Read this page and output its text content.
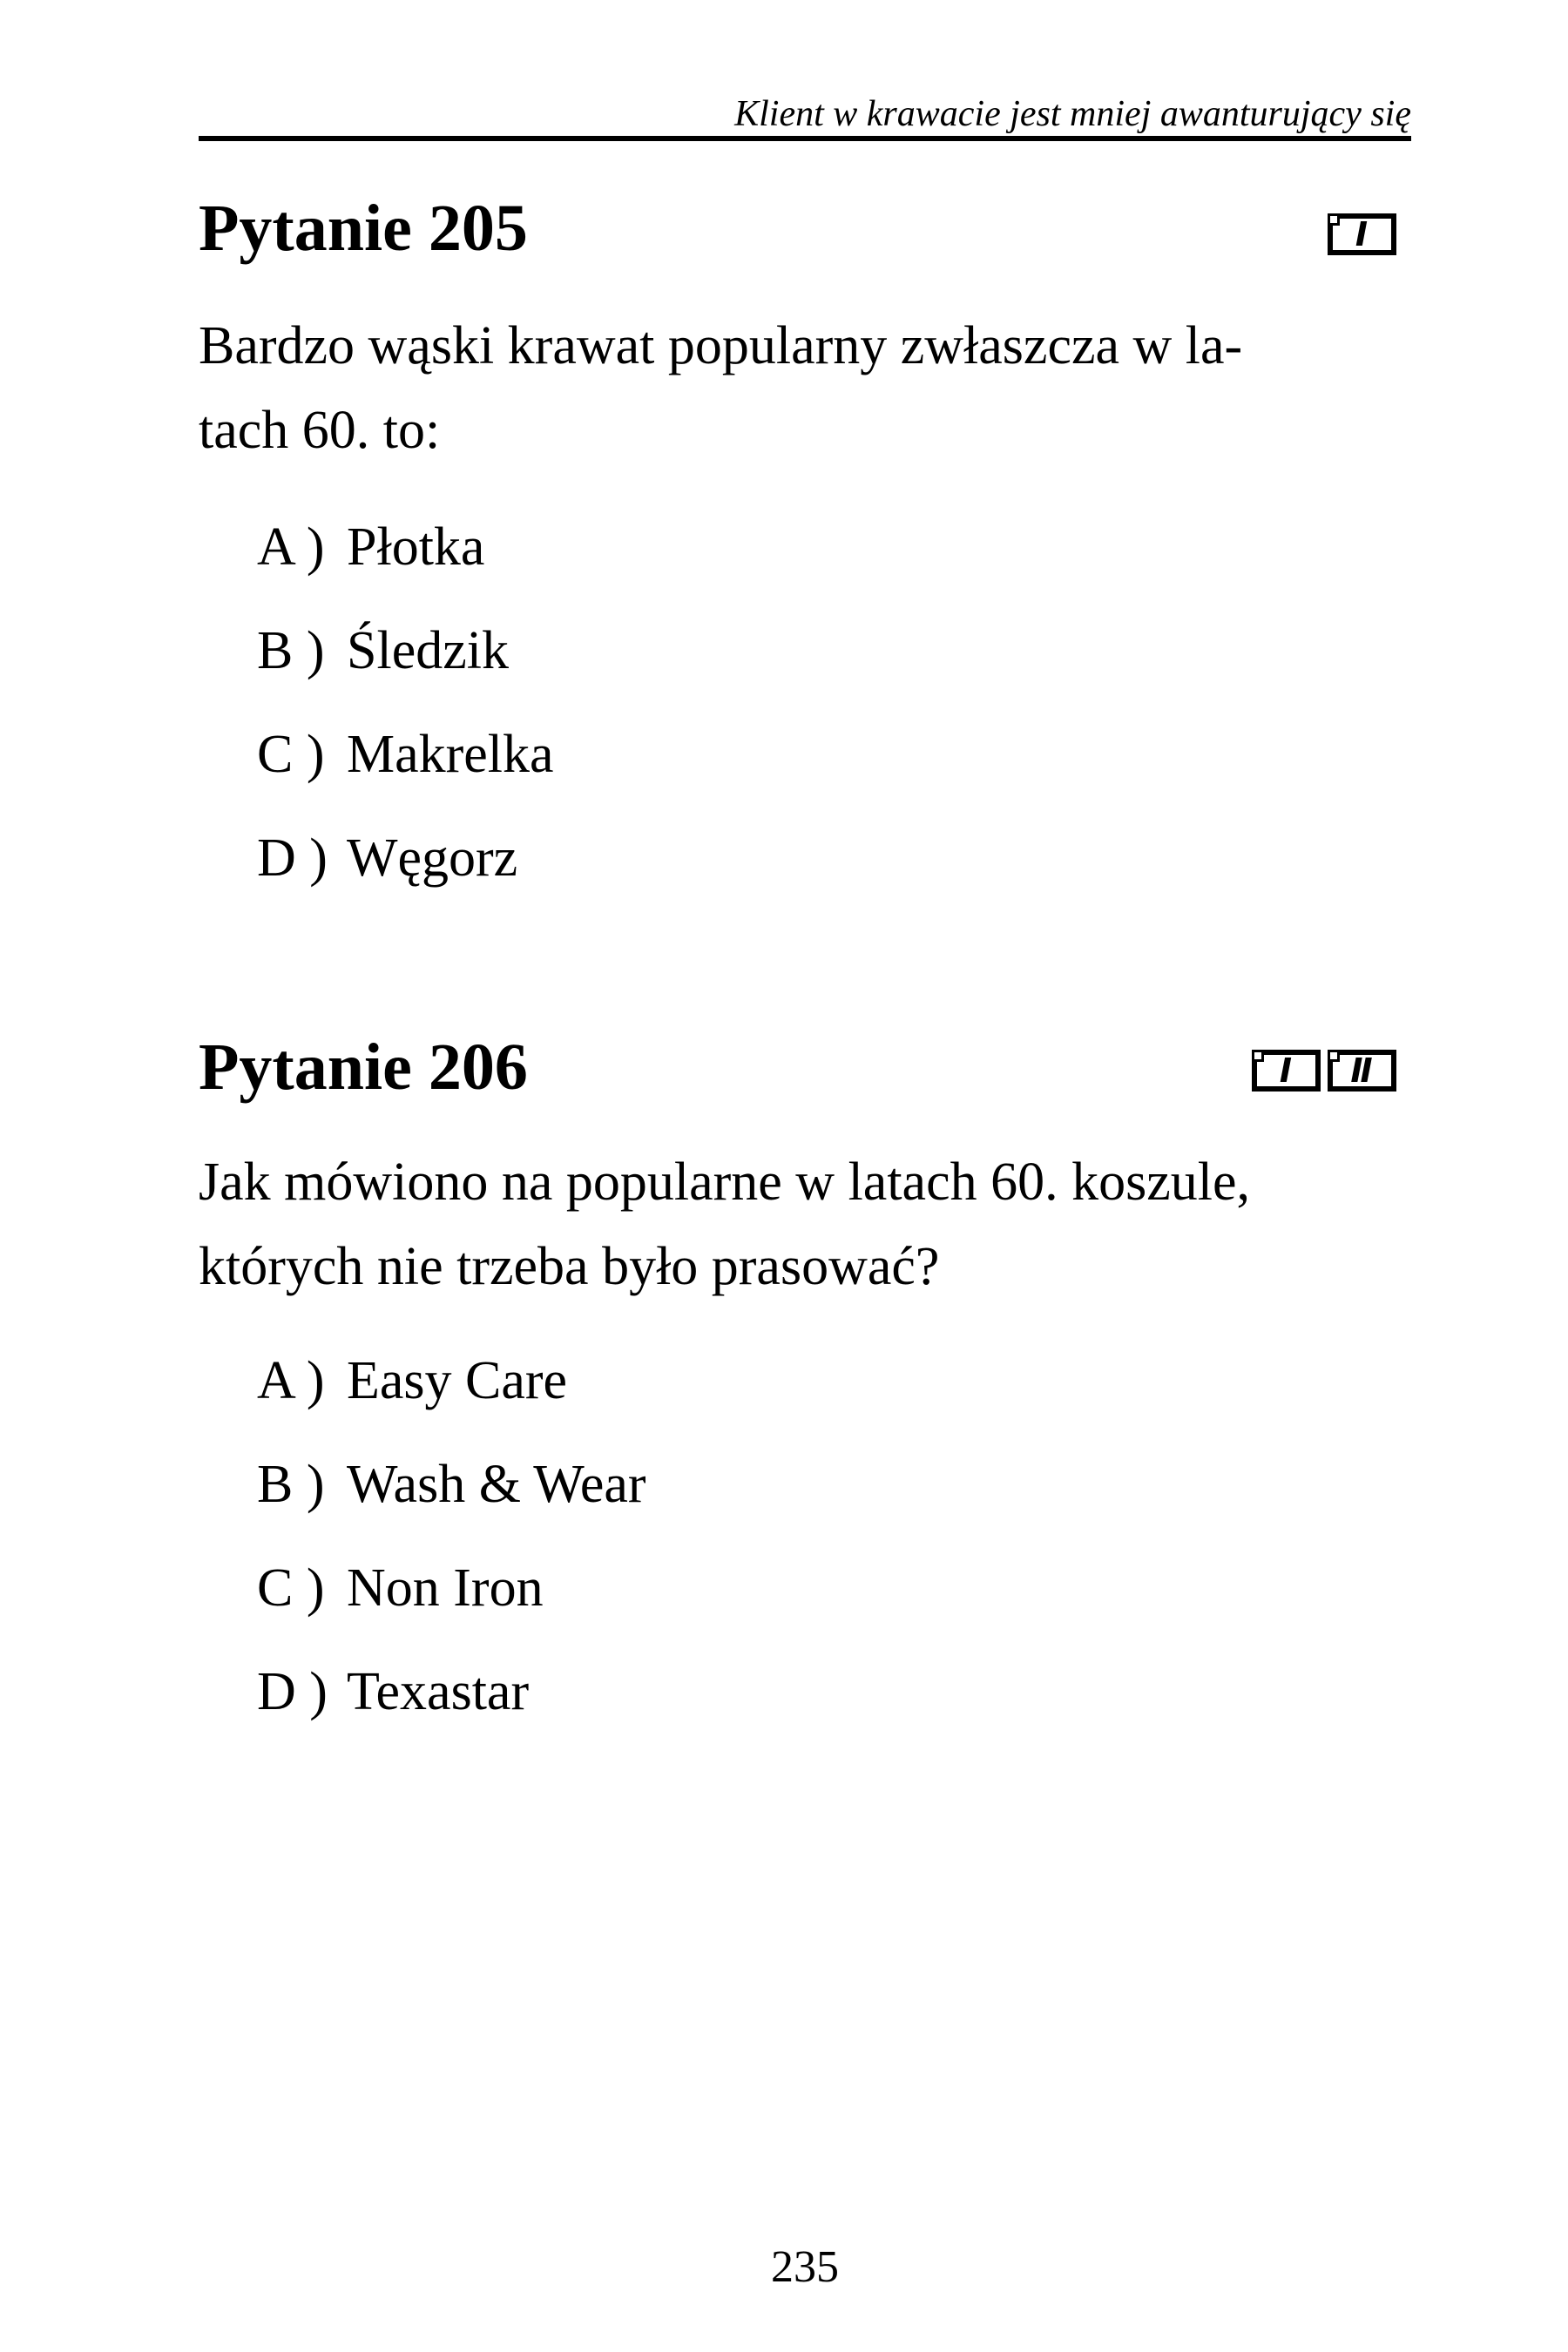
Klient w krawacie jest mniej awanturujący się
Pytanie 205	I
Bardzo wąski krawat popularny zwłaszcza w la-
tach 60. to:
A ) Płotka
B ) Śledzik
C ) Makrelka
D ) Węgorz
Pytanie 206	I II
Jak mówiono na popularne w latach 60. koszule,
których nie trzeba było prasować?
A ) Easy Care
B ) Wash & Wear
C ) Non Iron
D ) Texastar
235
